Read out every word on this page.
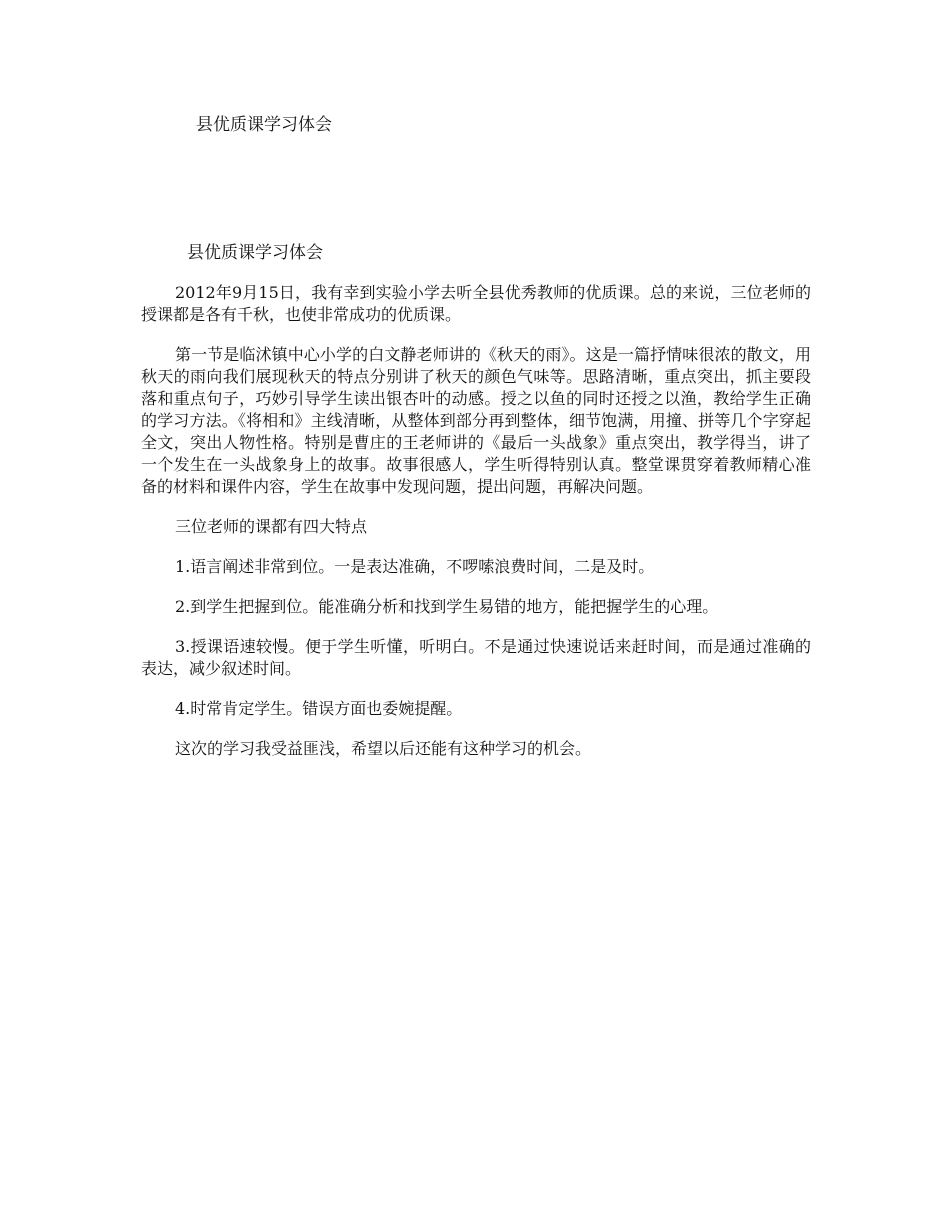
县优质课学习体会
县优质课学习体会

2012年9月15日，我有幸到实验小学去听全县优秀教师的优质课。总的来说，三位老师的授课都是各有千秋，也使非常成功的优质课。

第一节是临沭镇中心小学的白文静老师讲的《秋天的雨》。这是一篇抒情味很浓的散文，用秋天的雨向我们展现秋天的特点分别讲了秋天的颜色气味等。思路清晰，重点突出，抓主要段落和重点句子，巧妙引导学生读出银杏叶的动感。授之以鱼的同时还授之以渔，教给学生正确的学习方法。《将相和》主线清晰，从整体到部分再到整体，细节饱满，用撞、拼等几个字穿起全文，突出人物性格。特别是曹庄的王老师讲的《最后一头战象》重点突出，教学得当，讲了一个发生在一头战象身上的故事。故事很感人，学生听得特别认真。整堂课贯穿着教师精心准备的材料和课件内容，学生在故事中发现问题，提出问题，再解决问题。

三位老师的课都有四大特点

1.语言阐述非常到位。一是表达准确，不啰嗦浪费时间，二是及时。

2.到学生把握到位。能准确分析和找到学生易错的地方，能把握学生的心理。

3.授课语速较慢。便于学生听懂，听明白。不是通过快速说话来赶时间，而是通过准确的表达，减少叙述时间。

4.时常肯定学生。错误方面也委婉提醒。

这次的学习我受益匪浅，希望以后还能有这种学习的机会。
